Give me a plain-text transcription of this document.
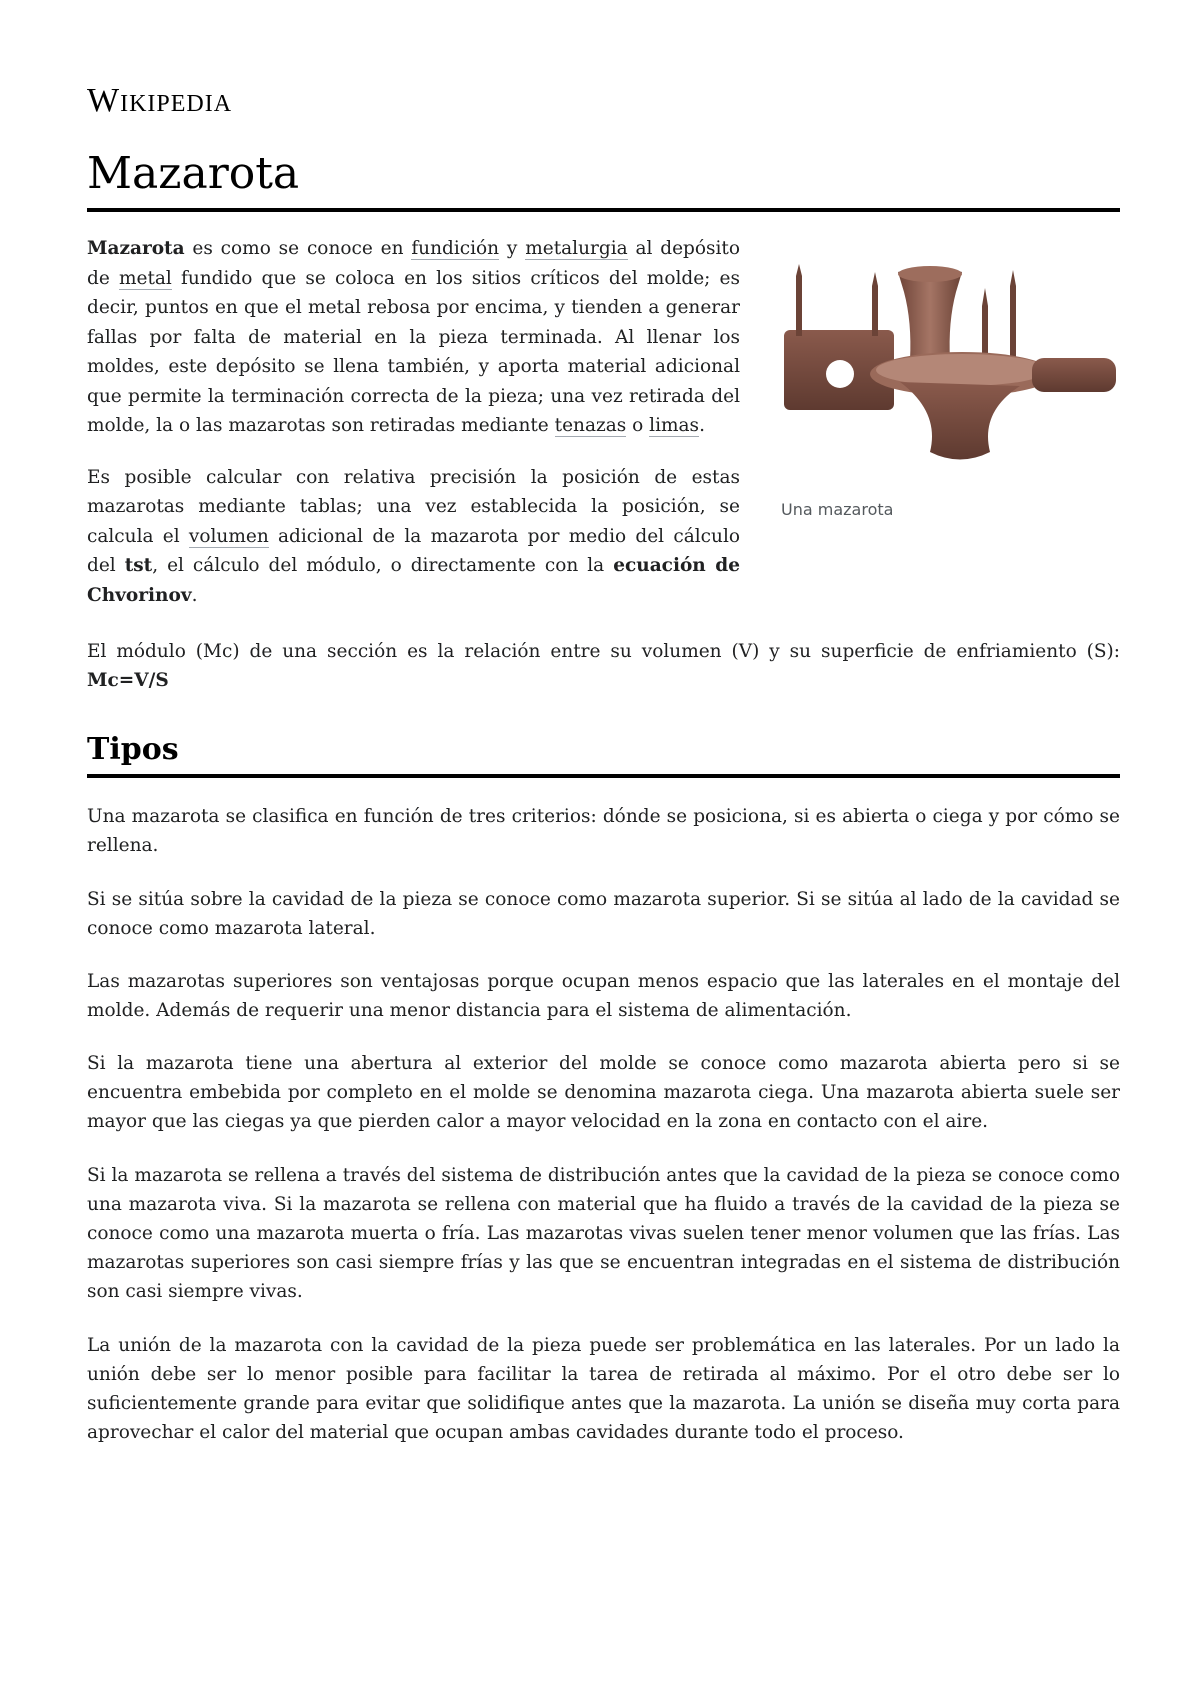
Wikipedia
Mazarota

Mazarota es como se conoce en fundición y metalurgia al depósito de metal fundido que se coloca en los sitios críticos del molde; es decir, puntos en que el metal rebosa por encima, y tienden a generar fallas por falta de material en la pieza terminada. Al llenar los moldes, este depósito se llena también, y aporta material adicional que permite la terminación correcta de la pieza; una vez retirada del molde, la o las mazarotas son retiradas mediante tenazas o limas.

Es posible calcular con relativa precisión la posición de estas mazarotas mediante tablas; una vez establecida la posición, se calcula el volumen adicional de la mazarota por medio del cálculo del tst, el cálculo del módulo, o directamente con la ecuación de Chvorinov.

Una mazarota

El módulo (Mc) de una sección es la relación entre su volumen (V) y su superficie de enfriamiento (S): Mc=V/S

Tipos

Una mazarota se clasifica en función de tres criterios: dónde se posiciona, si es abierta o ciega y por cómo se rellena.

Si se sitúa sobre la cavidad de la pieza se conoce como mazarota superior. Si se sitúa al lado de la cavidad se conoce como mazarota lateral.

Las mazarotas superiores son ventajosas porque ocupan menos espacio que las laterales en el montaje del molde. Además de requerir una menor distancia para el sistema de alimentación.

Si la mazarota tiene una abertura al exterior del molde se conoce como mazarota abierta pero si se encuentra embebida por completo en el molde se denomina mazarota ciega. Una mazarota abierta suele ser mayor que las ciegas ya que pierden calor a mayor velocidad en la zona en contacto con el aire.

Si la mazarota se rellena a través del sistema de distribución antes que la cavidad de la pieza se conoce como una mazarota viva. Si la mazarota se rellena con material que ha fluido a través de la cavidad de la pieza se conoce como una mazarota muerta o fría. Las mazarotas vivas suelen tener menor volumen que las frías. Las mazarotas superiores son casi siempre frías y las que se encuentran integradas en el sistema de distribución son casi siempre vivas.

La unión de la mazarota con la cavidad de la pieza puede ser problemática en las laterales. Por un lado la unión debe ser lo menor posible para facilitar la tarea de retirada al máximo. Por el otro debe ser lo suficientemente grande para evitar que solidifique antes que la mazarota. La unión se diseña muy corta para aprovechar el calor del material que ocupan ambas cavidades durante todo el proceso.
